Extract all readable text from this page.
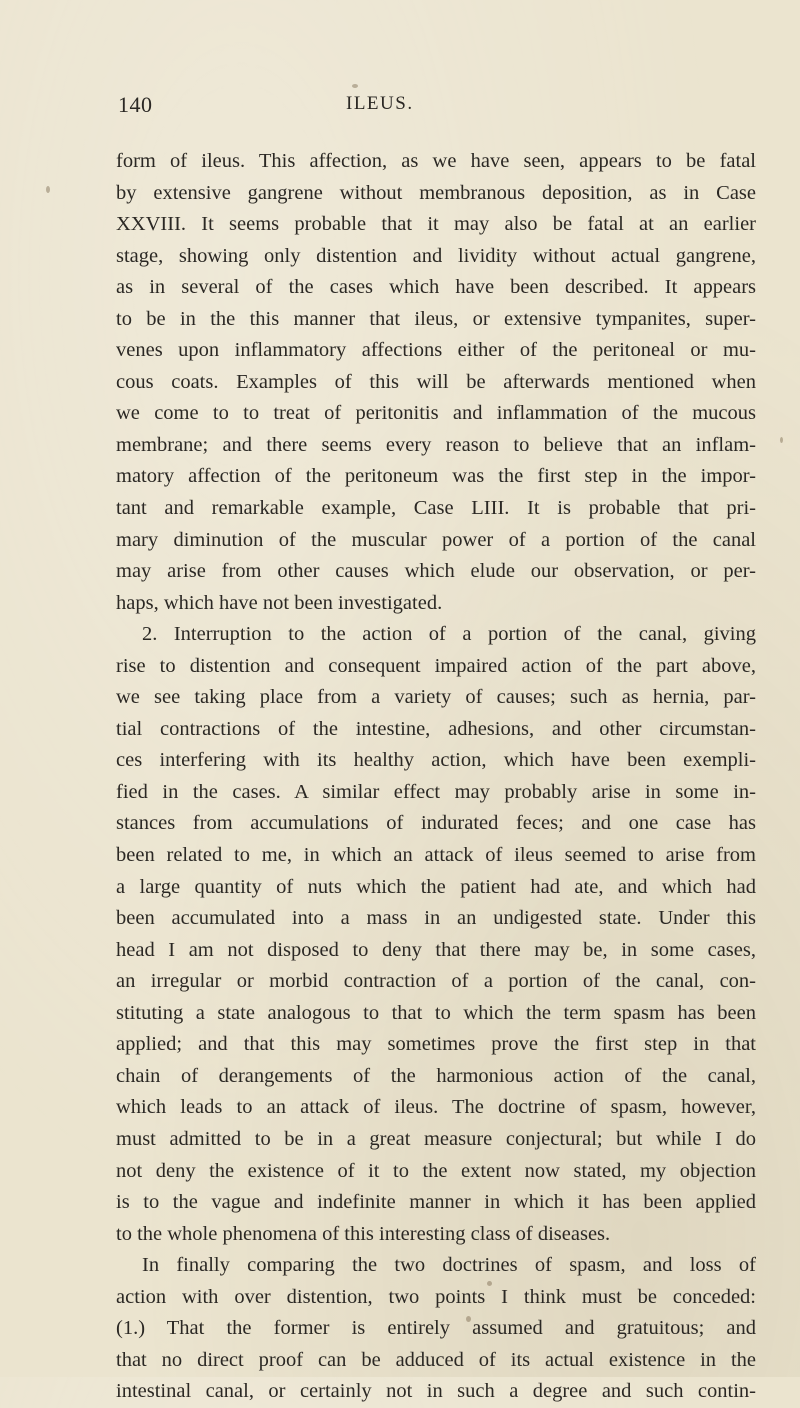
140	ILEUS.
form of ileus. This affection, as we have seen, appears to be fatal
by extensive gangrene without membranous deposition, as in Case
XXVIII. It seems probable that it may also be fatal at an earlier
stage, showing only distention and lividity without actual gangrene,
as in several of the cases which have been described. It appears
to be in the this manner that ileus, or extensive tympanites, super-
venes upon inflammatory affections either of the peritoneal or mu-
cous coats. Examples of this will be afterwards mentioned when
we come to to treat of peritonitis and inflammation of the mucous
membrane; and there seems every reason to believe that an inflam-
matory affection of the peritoneum was the first step in the impor-
tant and remarkable example, Case LIII. It is probable that pri-
mary diminution of the muscular power of a portion of the canal
may arise from other causes which elude our observation, or per-
haps, which have not been investigated.
2. Interruption to the action of a portion of the canal, giving
rise to distention and consequent impaired action of the part above,
we see taking place from a variety of causes; such as hernia, par-
tial contractions of the intestine, adhesions, and other circumstan-
ces interfering with its healthy action, which have been exempli-
fied in the cases. A similar effect may probably arise in some in-
stances from accumulations of indurated feces; and one case has
been related to me, in which an attack of ileus seemed to arise from
a large quantity of nuts which the patient had ate, and which had
been accumulated into a mass in an undigested state. Under this
head I am not disposed to deny that there may be, in some cases,
an irregular or morbid contraction of a portion of the canal, con-
stituting a state analogous to that to which the term spasm has been
applied; and that this may sometimes prove the first step in that
chain of derangements of the harmonious action of the canal,
which leads to an attack of ileus. The doctrine of spasm, however,
must admitted to be in a great measure conjectural; but while I do
not deny the existence of it to the extent now stated, my objection
is to the vague and indefinite manner in which it has been applied
to the whole phenomena of this interesting class of diseases.
In finally comparing the two doctrines of spasm, and loss of
action with over distention, two points I think must be conceded:
(1.) That the former is entirely assumed and gratuitous; and
that no direct proof can be adduced of its actual existence in the
intestinal canal, or certainly not in such a degree and such contin-
